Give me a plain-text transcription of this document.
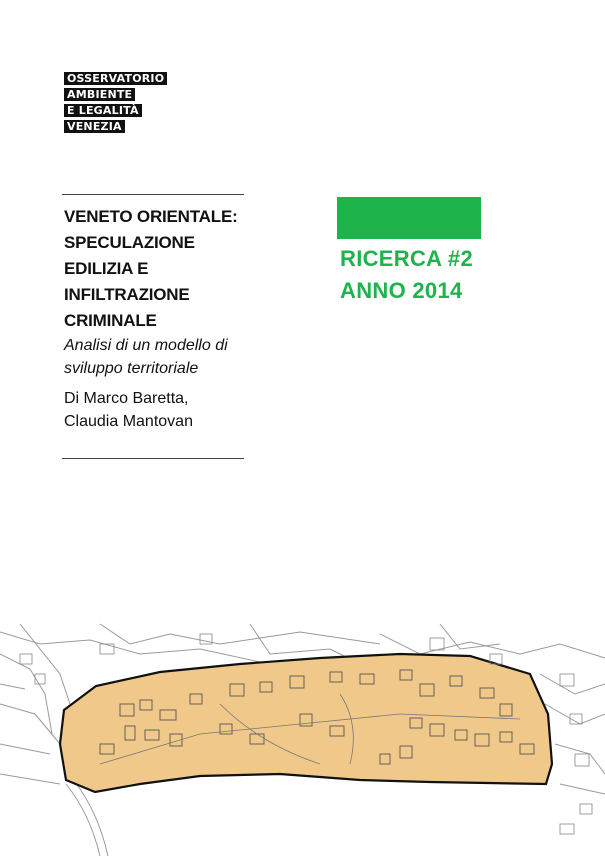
OSSERVATORIO
AMBIENTE
E LEGALITÀ
VENEZIA
VENETO ORIENTALE:
SPECULAZIONE
EDILIZIA E
INFILTRAZIONE
CRIMINALE
Analisi di un modello di
sviluppo territoriale
Di Marco Baretta,
Claudia Mantovan
RICERCA #2
ANNO 2014
